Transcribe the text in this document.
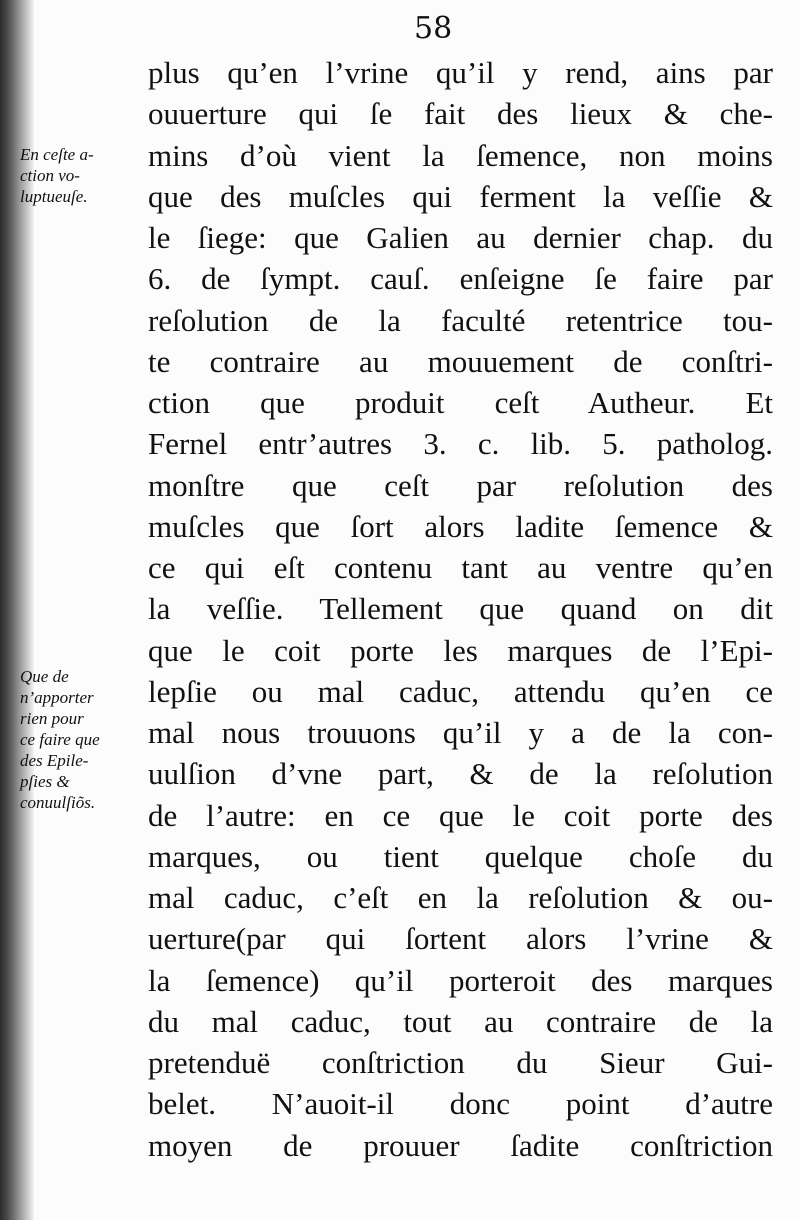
58
En ceſte a-
ction vo-
luptueuſe.
Que de
n’apporter
rien pour
ce faire que
des Epile-
pſies &
conuulſiõs.
plus qu’en l’vrine qu’il y rend, ains par
ouuerture qui ſe fait des lieux & che-
mins d’où vient la ſemence, non moins
que des muſcles qui ferment la veſſie &
le ſiege: que Galien au dernier chap. du
6. de ſympt. cauſ. enſeigne ſe faire par
reſolution de la faculté retentrice tou-
te contraire au mouuement de conſtri-
ction que produit ceſt Autheur. Et
Fernel entr’autres 3. c. lib. 5. patholog.
monſtre que ceſt par reſolution des
muſcles que ſort alors ladite ſemence &
ce qui eſt contenu tant au ventre qu’en
la veſſie. Tellement que quand on dit
que le coit porte les marques de l’Epi-
lepſie ou mal caduc, attendu qu’en ce
mal nous trouuons qu’il y a de la con-
uulſion d’vne part, & de la reſolution
de l’autre: en ce que le coit porte des
marques, ou tient quelque choſe du
mal caduc, c’eſt en la reſolution & ou-
uerture(par qui ſortent alors l’vrine &
la ſemence) qu’il porteroit des marques
du mal caduc, tout au contraire de la
pretenduë conſtriction du Sieur Gui-
belet. N’auoit-il donc point d’autre
moyen de prouuer ſadite conſtriction
